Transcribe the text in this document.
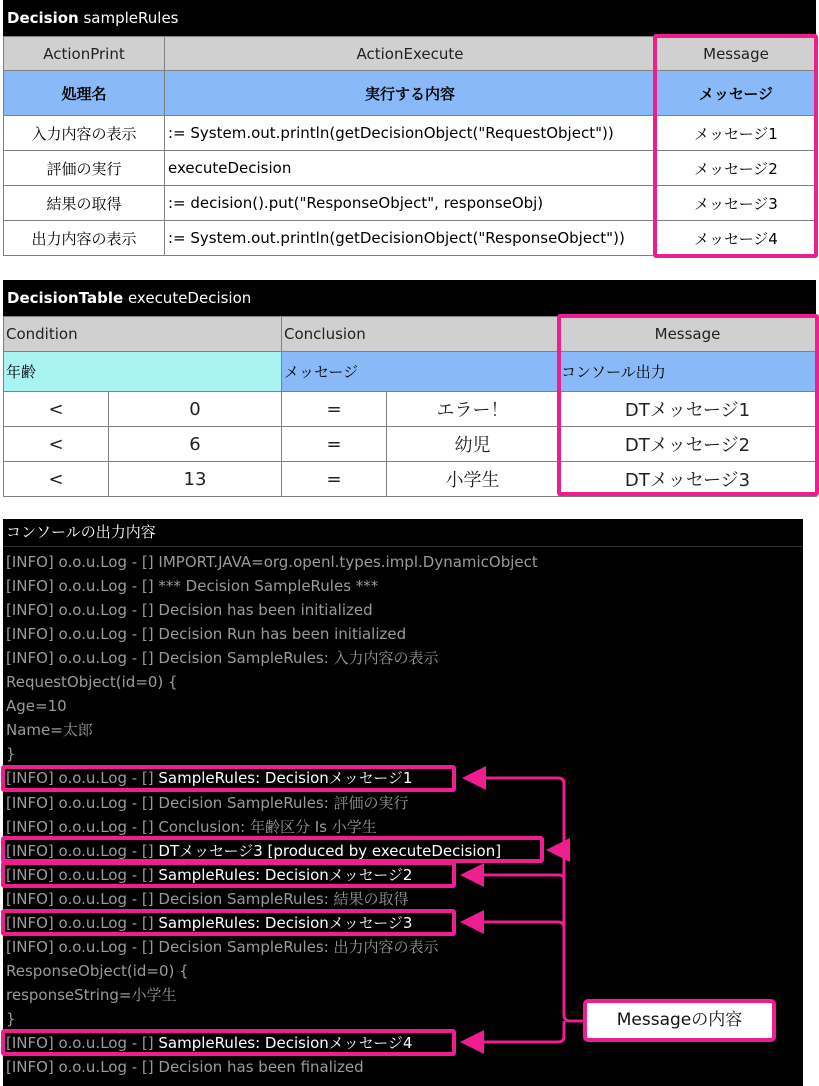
Decision sampleRules
ActionPrint	ActionExecute	Message
処理名	実行する内容	メッセージ
入力内容の表示	:= System.out.println(getDecisionObject("RequestObject"))	メッセージ1
評価の実行	executeDecision	メッセージ2
結果の取得	:= decision().put("ResponseObject", responseObj)	メッセージ3
出力内容の表示	:= System.out.println(getDecisionObject("ResponseObject"))	メッセージ4
DecisionTable executeDecision
Condition		Conclusion		Message
年齢		メッセージ		コンソール出力
<	0	=	エラー！	DTメッセージ1
<	6	=	幼児	DTメッセージ2
<	13	=	小学生	DTメッセージ3
コンソールの出力内容
[INFO] o.o.u.Log - [] IMPORT.JAVA=org.openl.types.impl.DynamicObject
[INFO] o.o.u.Log - [] *** Decision SampleRules ***
[INFO] o.o.u.Log - [] Decision has been initialized
[INFO] o.o.u.Log - [] Decision Run has been initialized
[INFO] o.o.u.Log - [] Decision SampleRules: 入力内容の表示
RequestObject(id=0) {
Age=10
Name=太郎
}
[INFO] o.o.u.Log - [] SampleRules: Decisionメッセージ1
[INFO] o.o.u.Log - [] Decision SampleRules: 評価の実行
[INFO] o.o.u.Log - [] Conclusion: 年齢区分 Is 小学生
[INFO] o.o.u.Log - [] DTメッセージ3 [produced by executeDecision]
[INFO] o.o.u.Log - [] SampleRules: Decisionメッセージ2
[INFO] o.o.u.Log - [] Decision SampleRules: 結果の取得
[INFO] o.o.u.Log - [] SampleRules: Decisionメッセージ3
[INFO] o.o.u.Log - [] Decision SampleRules: 出力内容の表示
ResponseObject(id=0) {
responseString=小学生
}
[INFO] o.o.u.Log - [] SampleRules: Decisionメッセージ4
[INFO] o.o.u.Log - [] Decision has been finalized
Messageの内容
